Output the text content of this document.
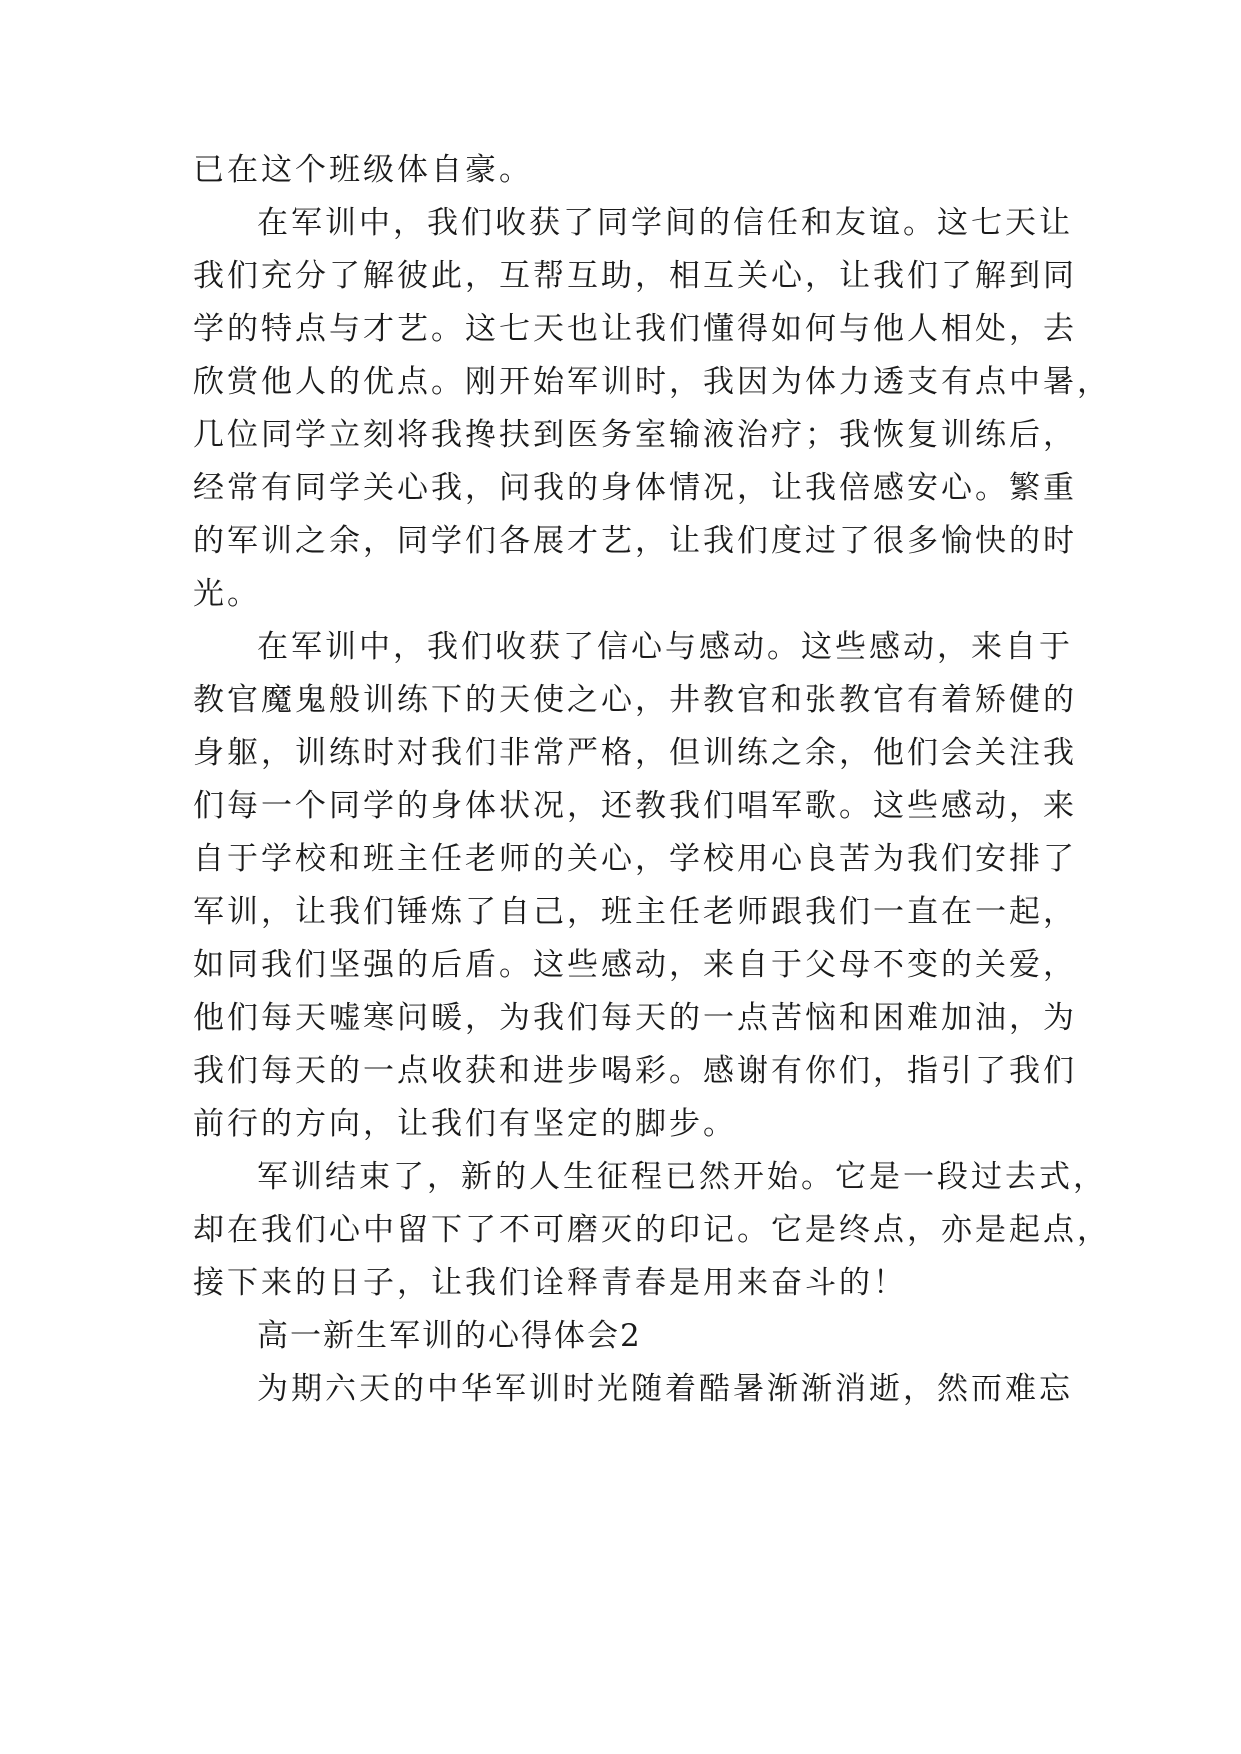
已在这个班级体自豪。
在军训中，我们收获了同学间的信任和友谊。这七天让
我们充分了解彼此，互帮互助，相互关心，让我们了解到同
学的特点与才艺。这七天也让我们懂得如何与他人相处，去
欣赏他人的优点。刚开始军训时，我因为体力透支有点中暑，
几位同学立刻将我搀扶到医务室输液治疗；我恢复训练后，
经常有同学关心我，问我的身体情况，让我倍感安心。繁重
的军训之余，同学们各展才艺，让我们度过了很多愉快的时
光。
在军训中，我们收获了信心与感动。这些感动，来自于
教官魔鬼般训练下的天使之心，井教官和张教官有着矫健的
身躯，训练时对我们非常严格，但训练之余，他们会关注我
们每一个同学的身体状况，还教我们唱军歌。这些感动，来
自于学校和班主任老师的关心，学校用心良苦为我们安排了
军训，让我们锤炼了自己，班主任老师跟我们一直在一起，
如同我们坚强的后盾。这些感动，来自于父母不变的关爱，
他们每天嘘寒问暖，为我们每天的一点苦恼和困难加油，为
我们每天的一点收获和进步喝彩。感谢有你们，指引了我们
前行的方向，让我们有坚定的脚步。
军训结束了，新的人生征程已然开始。它是一段过去式，
却在我们心中留下了不可磨灭的印记。它是终点，亦是起点，
接下来的日子，让我们诠释青春是用来奋斗的！
高一新生军训的心得体会2
为期六天的中华军训时光随着酷暑渐渐消逝，然而难忘
